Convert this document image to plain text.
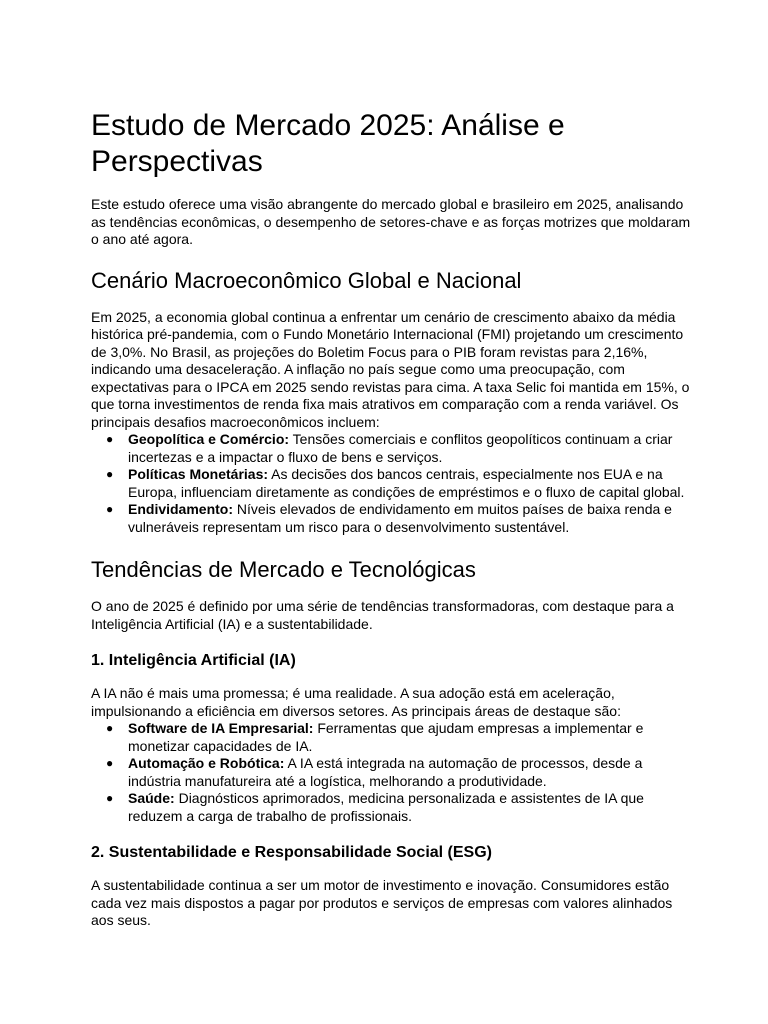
Estudo de Mercado 2025: Análise e Perspectivas

Este estudo oferece uma visão abrangente do mercado global e brasileiro em 2025, analisando as tendências econômicas, o desempenho de setores-chave e as forças motrizes que moldaram o ano até agora.

Cenário Macroeconômico Global e Nacional

Em 2025, a economia global continua a enfrentar um cenário de crescimento abaixo da média histórica pré-pandemia, com o Fundo Monetário Internacional (FMI) projetando um crescimento de 3,0%. No Brasil, as projeções do Boletim Focus para o PIB foram revistas para 2,16%, indicando uma desaceleração. A inflação no país segue como uma preocupação, com expectativas para o IPCA em 2025 sendo revistas para cima. A taxa Selic foi mantida em 15%, o que torna investimentos de renda fixa mais atrativos em comparação com a renda variável. Os principais desafios macroeconômicos incluem:

● Geopolítica e Comércio: Tensões comerciais e conflitos geopolíticos continuam a criar incertezas e a impactar o fluxo de bens e serviços.
● Políticas Monetárias: As decisões dos bancos centrais, especialmente nos EUA e na Europa, influenciam diretamente as condições de empréstimos e o fluxo de capital global.
● Endividamento: Níveis elevados de endividamento em muitos países de baixa renda e vulneráveis representam um risco para o desenvolvimento sustentável.
Tendências de Mercado e Tecnológicas

O ano de 2025 é definido por uma série de tendências transformadoras, com destaque para a Inteligência Artificial (IA) e a sustentabilidade.

1. Inteligência Artificial (IA)

A IA não é mais uma promessa; é uma realidade. A sua adoção está em aceleração, impulsionando a eficiência em diversos setores. As principais áreas de destaque são:

● Software de IA Empresarial: Ferramentas que ajudam empresas a implementar e monetizar capacidades de IA.
● Automação e Robótica: A IA está integrada na automação de processos, desde a indústria manufatureira até a logística, melhorando a produtividade.
● Saúde: Diagnósticos aprimorados, medicina personalizada e assistentes de IA que reduzem a carga de trabalho de profissionais.
2. Sustentabilidade e Responsabilidade Social (ESG)

A sustentabilidade continua a ser um motor de investimento e inovação. Consumidores estão cada vez mais dispostos a pagar por produtos e serviços de empresas com valores alinhados aos seus.
